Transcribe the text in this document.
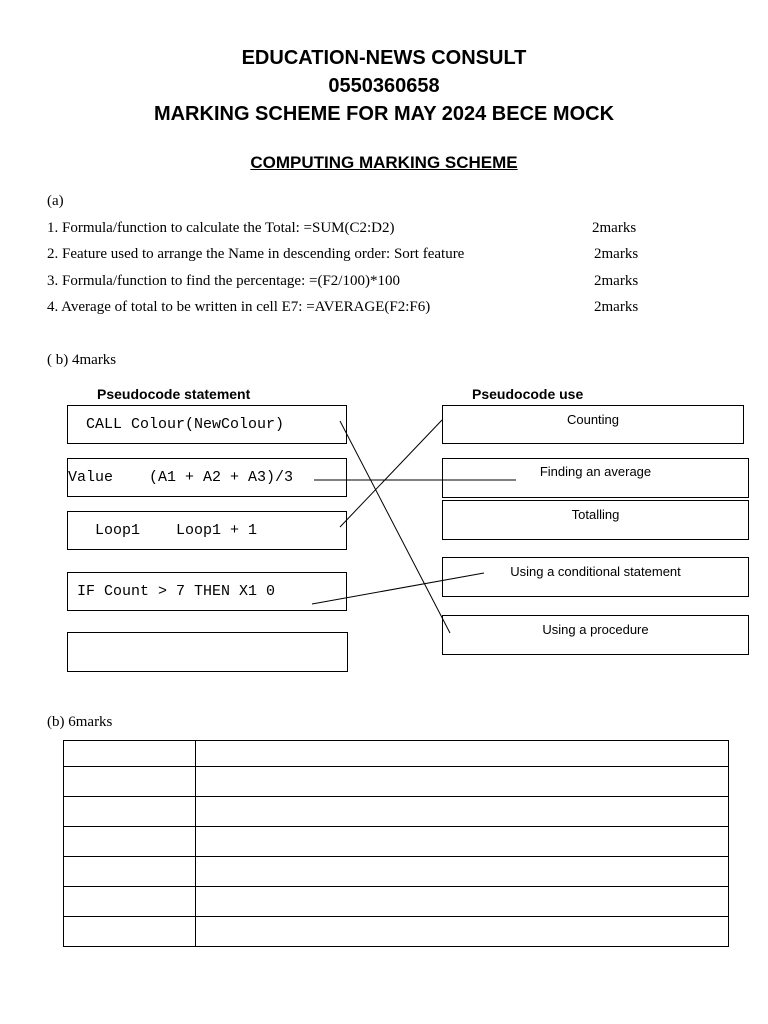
EDUCATION-NEWS CONSULT
0550360658
MARKING SCHEME FOR MAY 2024 BECE MOCK
COMPUTING MARKING SCHEME
(a)
1. Formula/function to calculate the Total: =SUM(C2:D2)	2marks
2. Feature used to arrange the Name in descending order: Sort feature	2marks
3. Formula/function to find the percentage: =(F2/100)*100	2marks
4. Average of total to be written in cell E7: =AVERAGE(F2:F6)	2marks
( b) 4marks
Pseudocode statement	Pseudocode use
CALL Colour(NewColour)
Value    (A1 + A2 + A3)/3
Loop1    Loop1 + 1
IF Count > 7 THEN X1 0
Counting
Finding an average
Totalling
Using a conditional statement
Using a procedure
(b) 6marks
